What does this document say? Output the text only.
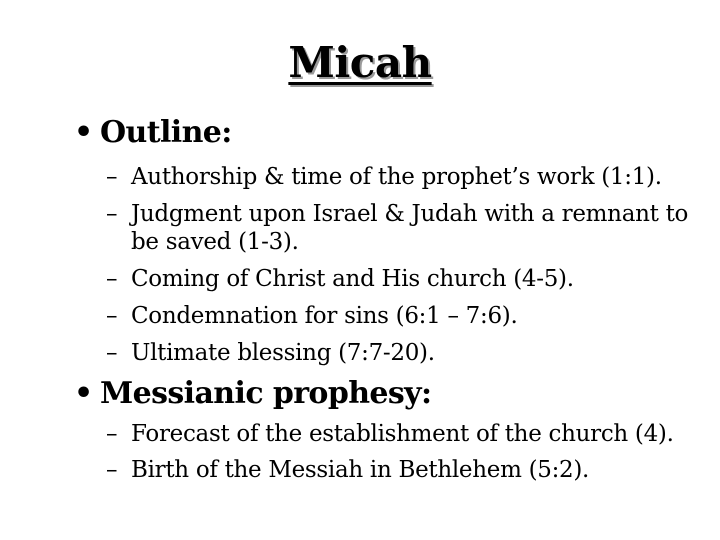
Micah
• Outline:
– Authorship & time of the prophet’s work (1:1).
– Judgment upon Israel & Judah with a remnant to
be saved (1-3).
– Coming of Christ and His church (4-5).
– Condemnation for sins (6:1 – 7:6).
– Ultimate blessing (7:7-20).
• Messianic prophesy:
– Forecast of the establishment of the church (4).
– Birth of the Messiah in Bethlehem (5:2).
